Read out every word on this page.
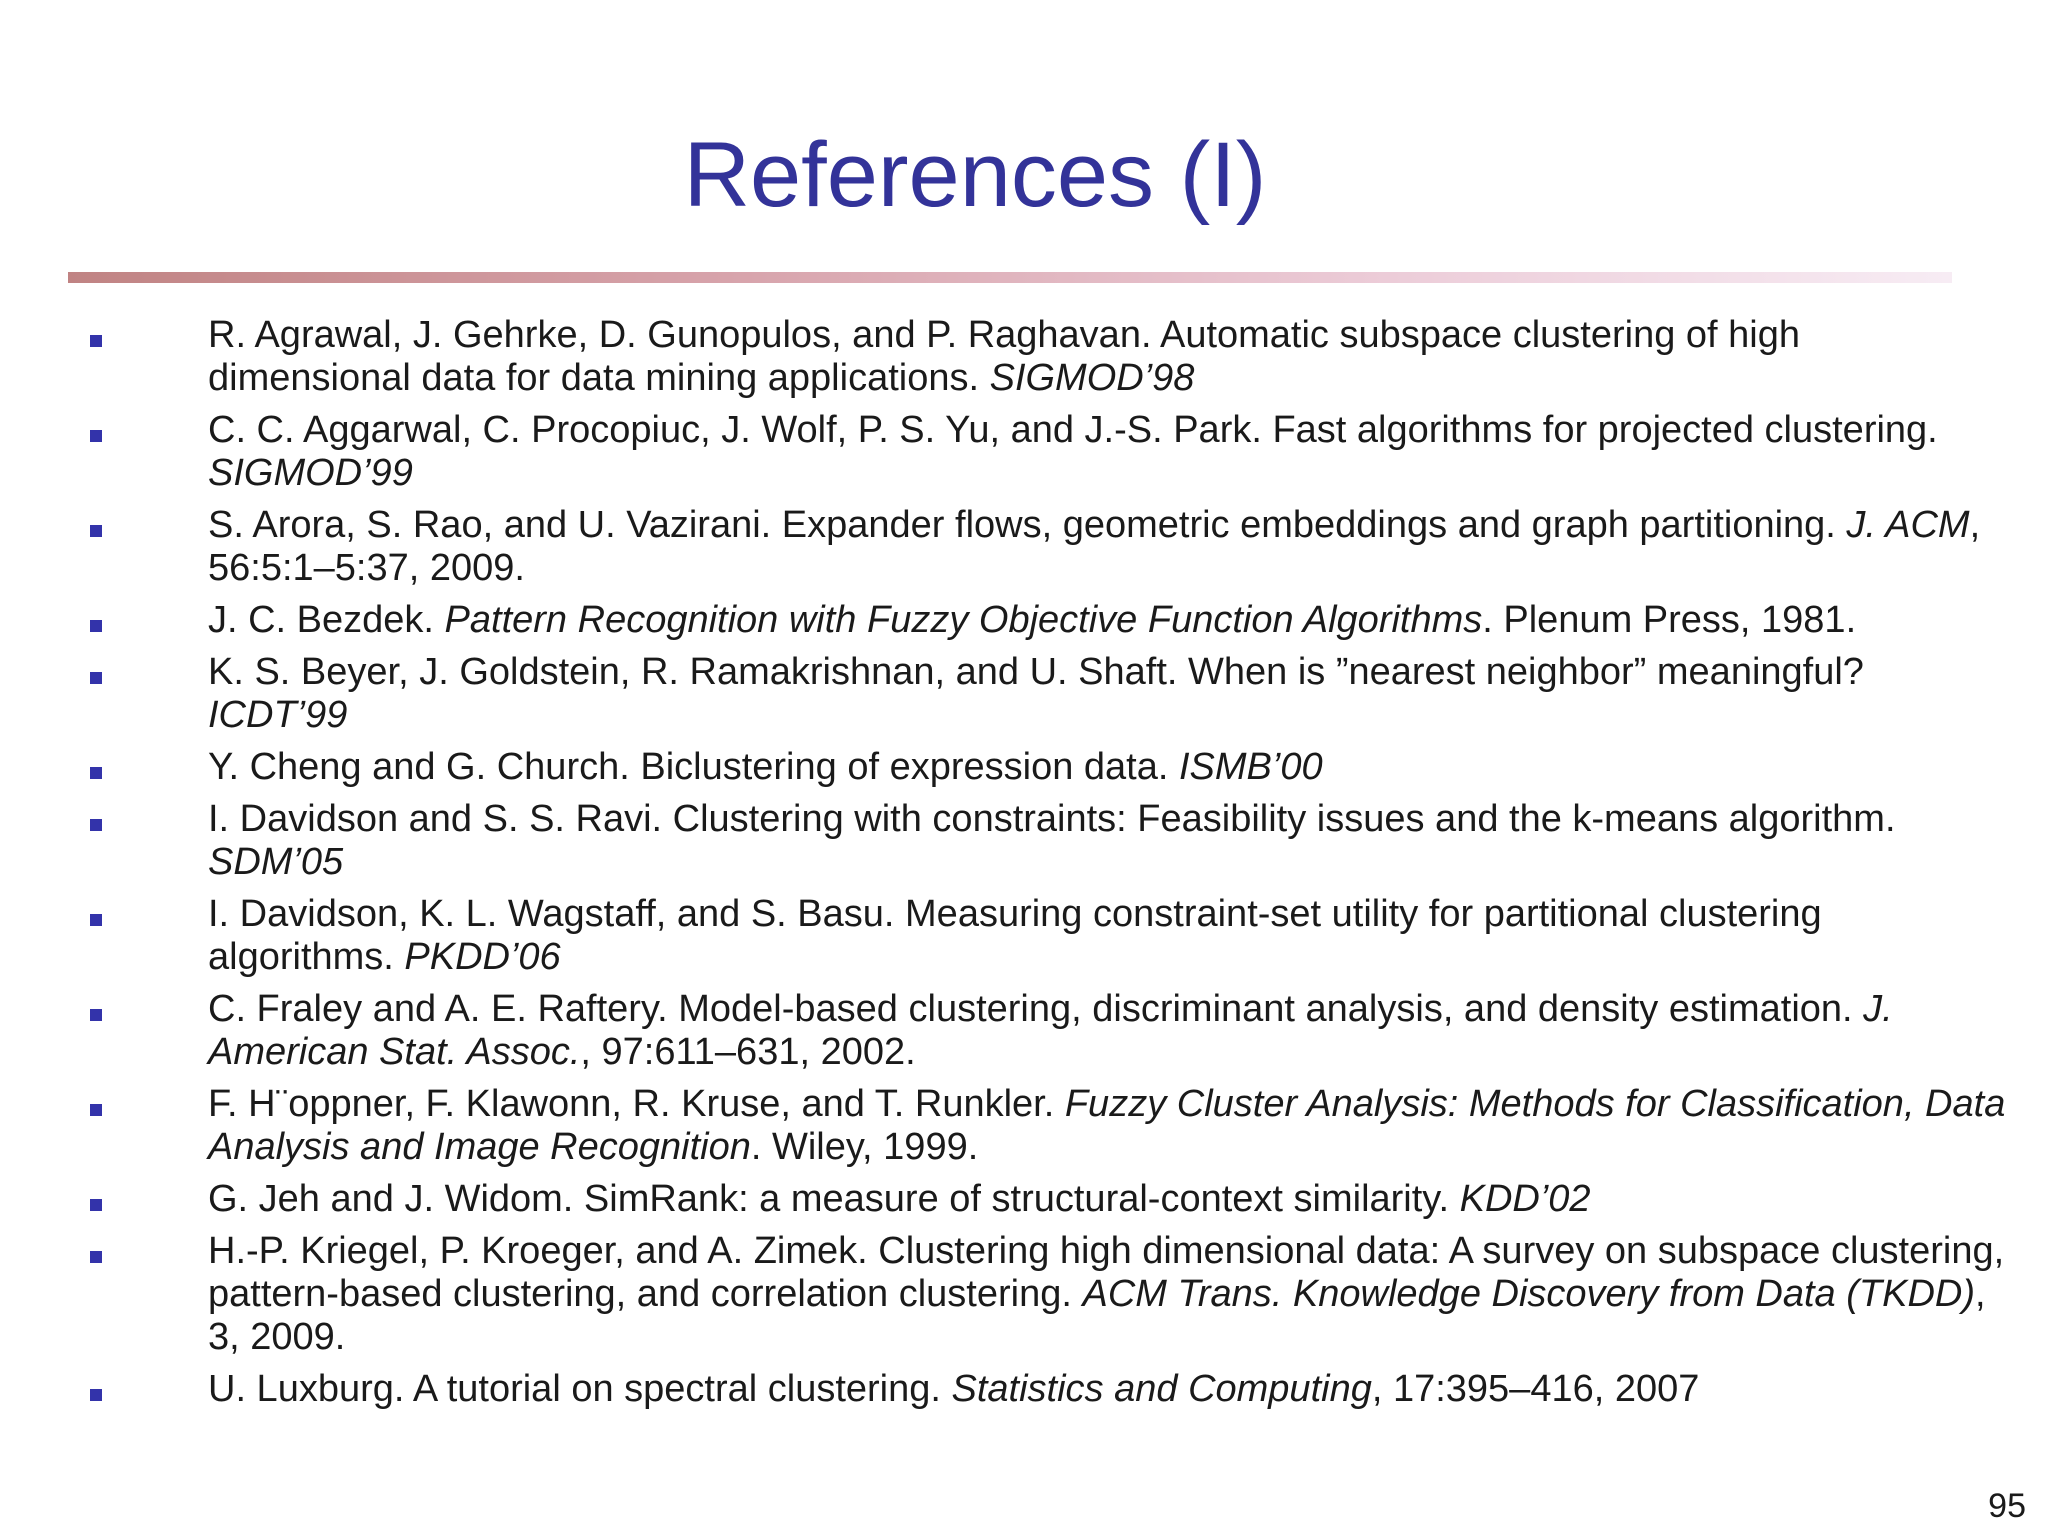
References (I)
R. Agrawal, J. Gehrke, D. Gunopulos, and P. Raghavan. Automatic subspace clustering of high dimensional data for data mining applications. SIGMOD’98
C. C. Aggarwal, C. Procopiuc, J. Wolf, P. S. Yu, and J.-S. Park. Fast algorithms for projected clustering. SIGMOD’99
S. Arora, S. Rao, and U. Vazirani. Expander flows, geometric embeddings and graph partitioning. J. ACM, 56:5:1–5:37, 2009.
J. C. Bezdek. Pattern Recognition with Fuzzy Objective Function Algorithms. Plenum Press, 1981.
K. S. Beyer, J. Goldstein, R. Ramakrishnan, and U. Shaft. When is ”nearest neighbor” meaningful? ICDT’99
Y. Cheng and G. Church. Biclustering of expression data. ISMB’00
I. Davidson and S. S. Ravi. Clustering with constraints: Feasibility issues and the k-means algorithm. SDM’05
I. Davidson, K. L. Wagstaff, and S. Basu. Measuring constraint-set utility for partitional clustering algorithms. PKDD’06
C. Fraley and A. E. Raftery. Model-based clustering, discriminant analysis, and density estimation. J. American Stat. Assoc., 97:611–631, 2002.
F. H¨oppner, F. Klawonn, R. Kruse, and T. Runkler. Fuzzy Cluster Analysis: Methods for Classification, Data Analysis and Image Recognition. Wiley, 1999.
G. Jeh and J. Widom. SimRank: a measure of structural-context similarity. KDD’02
H.-P. Kriegel, P. Kroeger, and A. Zimek. Clustering high dimensional data: A survey on subspace clustering, pattern-based clustering, and correlation clustering. ACM Trans. Knowledge Discovery from Data (TKDD), 3, 2009.
U. Luxburg. A tutorial on spectral clustering. Statistics and Computing, 17:395–416, 2007
95
